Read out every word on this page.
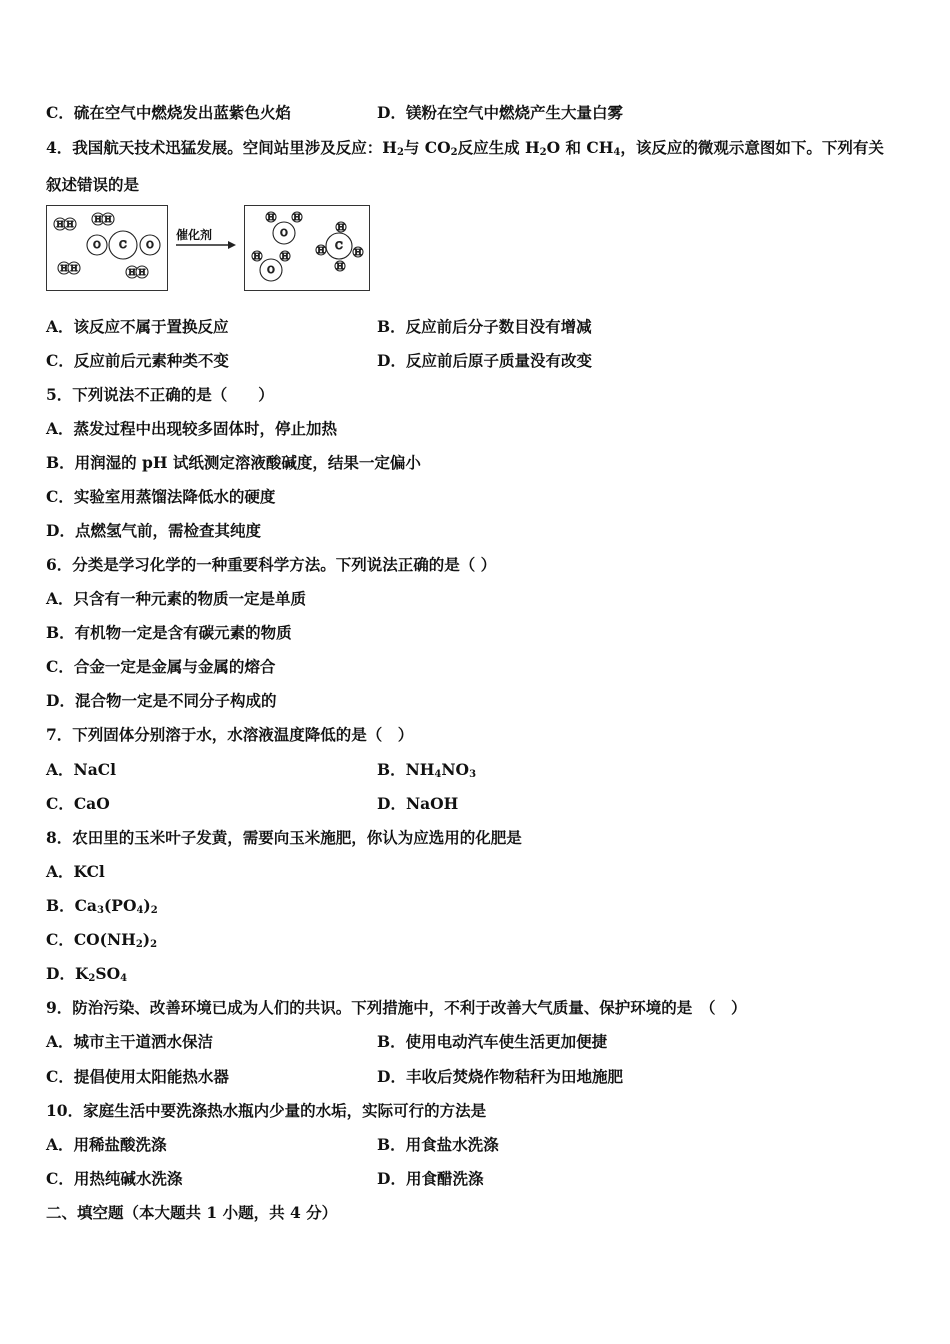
C．硫在空气中燃烧发出蓝紫色火焰	D．镁粉在空气中燃烧产生大量白雾
4．我国航天技术迅猛发展。空间站里涉及反应：$H_2$与 $CO_2$反应生成 $H_2O$ 和 $CH_4$，该反应的微观示意图如下。下列有关
叙述错误的是
H H
H H
H H	H H
O	O
C
催化剂
H H
O
H	H
O
H
H	H
H
C
A．该反应不属于置换反应	B．反应前后分子数目没有增减
C．反应前后元素种类不变	D．反应前后原子质量没有改变
5．下列说法不正确的是（　　）
A．蒸发过程中出现较多固体时，停止加热
B．用润湿的 pH 试纸测定溶液酸碱度，结果一定偏小
C．实验室用蒸馏法降低水的硬度
D．点燃氢气前，需检查其纯度
6．分类是学习化学的一种重要科学方法。下列说法正确的是（ ）
A．只含有一种元素的物质一定是单质
B．有机物一定是含有碳元素的物质
C．合金一定是金属与金属的熔合
D．混合物一定是不同分子构成的
7．下列固体分别溶于水，水溶液温度降低的是（　）
A．NaCl	B．$NH_4NO_3$
C．CaO	D．NaOH
8．农田里的玉米叶子发黄，需要向玉米施肥，你认为应选用的化肥是
A．KCl
B．$Ca_3(PO_4)_2$
C．$CO(NH_2)_2$
D．$K_2SO_4$
9．防治污染、改善环境已成为人们的共识。下列措施中，不利于改善大气质量、保护环境的是　（　）
A．城市主干道洒水保洁	B．使用电动汽车使生活更加便捷
C．提倡使用太阳能热水器	D．丰收后焚烧作物秸秆为田地施肥
10．家庭生活中要洗涤热水瓶内少量的水垢，实际可行的方法是
A．用稀盐酸洗涤	B．用食盐水洗涤
C．用热纯碱水洗涤	D．用食醋洗涤
二、填空题（本大题共 1 小题，共 4 分）
